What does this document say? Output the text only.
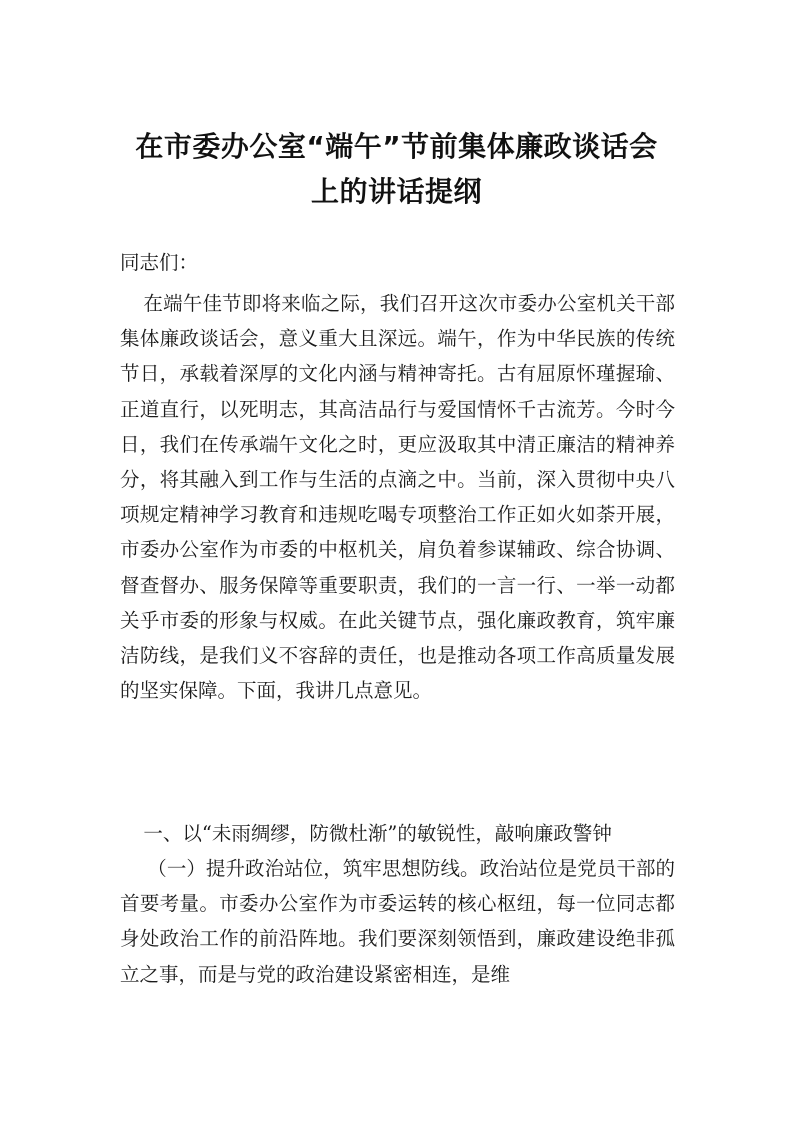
在市委办公室“端午”节前集体廉政谈话会
上的讲话提纲

同志们：

在端午佳节即将来临之际，我们召开这次市委办公室机关干部集体廉政谈话会，意义重大且深远。端午，作为中华民族的传统节日，承载着深厚的文化内涵与精神寄托。古有屈原怀瑾握瑜、正道直行，以死明志，其高洁品行与爱国情怀千古流芳。今时今日，我们在传承端午文化之时，更应汲取其中清正廉洁的精神养分，将其融入到工作与生活的点滴之中。当前，深入贯彻中央八项规定精神学习教育和违规吃喝专项整治工作正如火如荼开展，市委办公室作为市委的中枢机关，肩负着参谋辅政、综合协调、督查督办、服务保障等重要职责，我们的一言一行、一举一动都关乎市委的形象与权威。在此关键节点，强化廉政教育，筑牢廉洁防线，是我们义不容辞的责任，也是推动各项工作高质量发展的坚实保障。下面，我讲几点意见。

一、以“未雨绸缪，防微杜渐”的敏锐性，敲响廉政警钟

（一）提升政治站位，筑牢思想防线。政治站位是党员干部的首要考量。市委办公室作为市委运转的核心枢纽，每一位同志都身处政治工作的前沿阵地。我们要深刻领悟到，廉政建设绝非孤立之事，而是与党的政治建设紧密相连，是维
